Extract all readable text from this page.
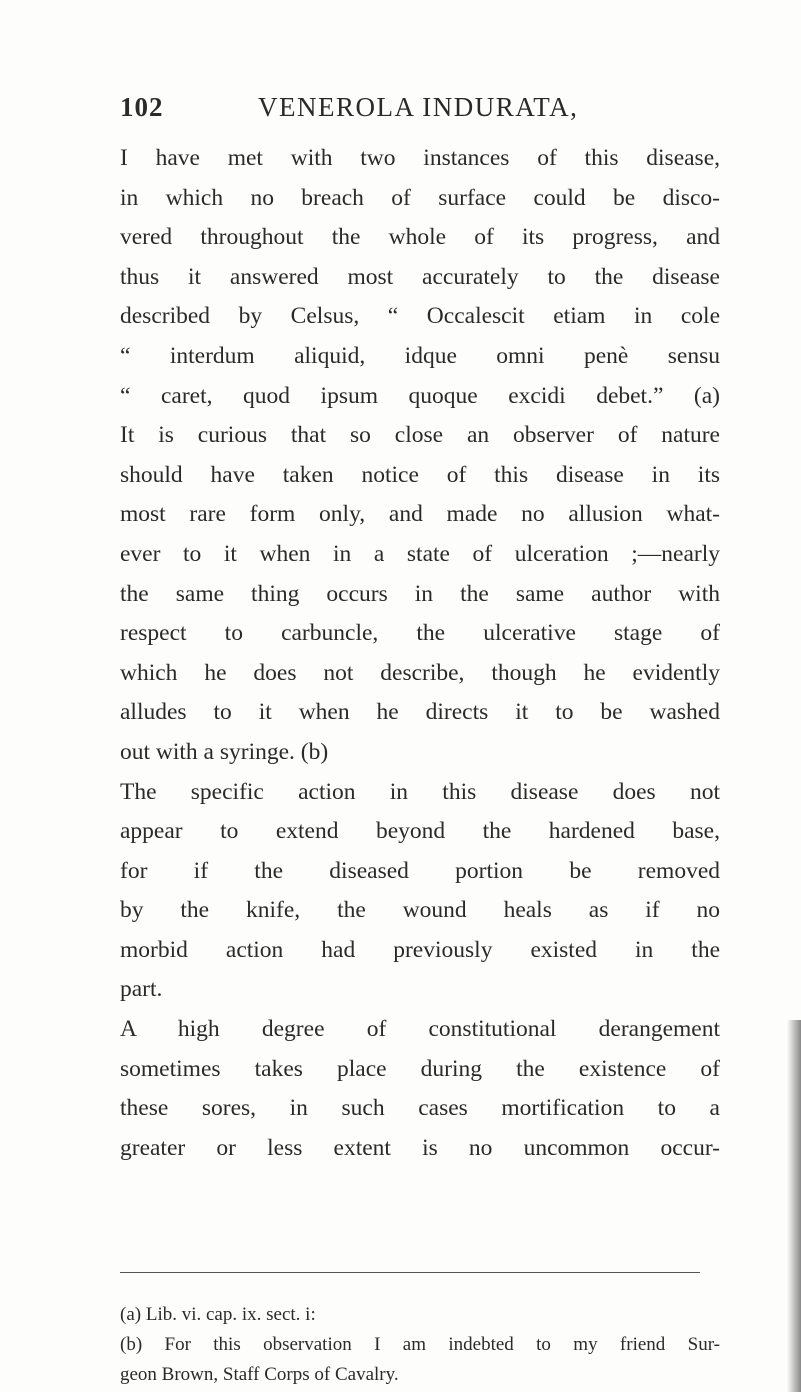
102	VENEROLA INDURATA,
I have met with two instances of this disease,
in which no breach of surface could be disco-
vered throughout the whole of its progress, and
thus it answered most accurately to the disease
described by Celsus, “ Occalescit etiam in cole
“ interdum aliquid, idque omni penè sensu
“ caret, quod ipsum quoque excidi debet.” (a)
It is curious that so close an observer of nature
should have taken notice of this disease in its
most rare form only, and made no allusion what-
ever to it when in a state of ulceration ;—nearly
the same thing occurs in the same author with
respect to carbuncle, the ulcerative stage of
which he does not describe, though he evidently
alludes to it when he directs it to be washed
out with a syringe. (b)
The specific action in this disease does not
appear to extend beyond the hardened base,
for if the diseased portion be removed
by the knife, the wound heals as if no
morbid action had previously existed in the
part.
A high degree of constitutional derangement
sometimes takes place during the existence of
these sores, in such cases mortification to a
greater or less extent is no uncommon occur-
(a) Lib. vi. cap. ix. sect. i:
(b) For this observation I am indebted to my friend Sur-
geon Brown, Staff Corps of Cavalry.
